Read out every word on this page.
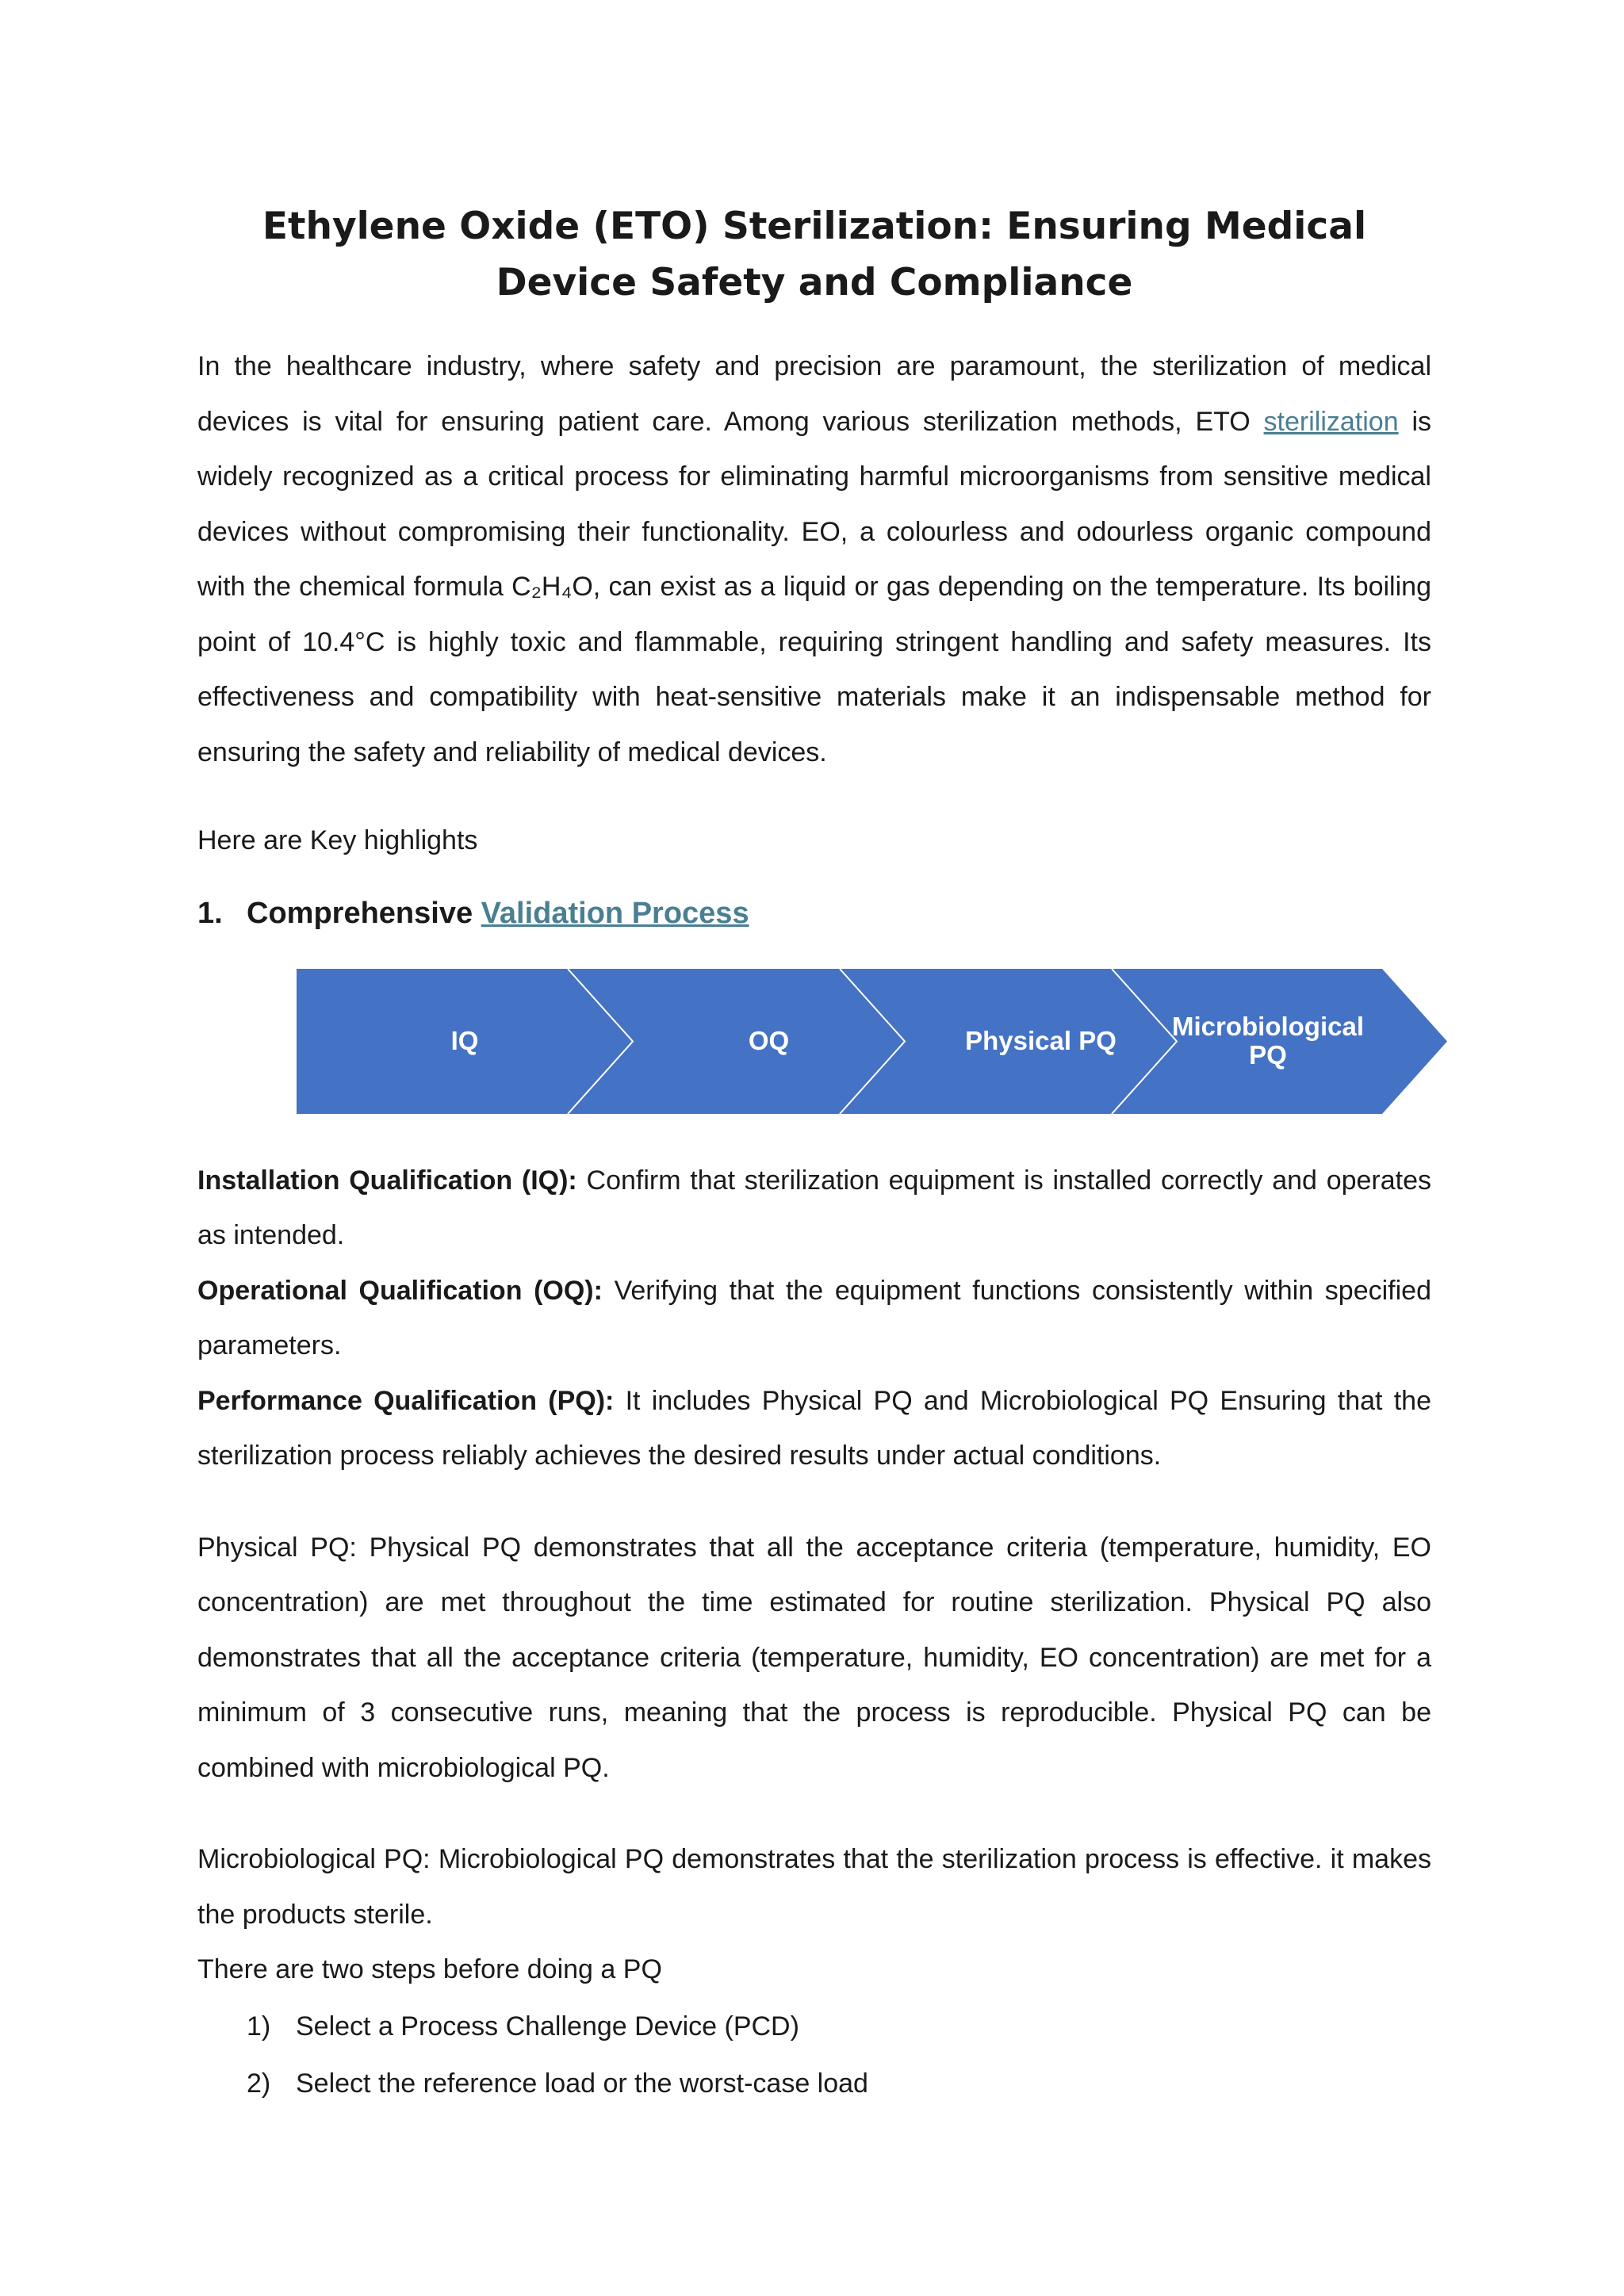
Ethylene Oxide (ETO) Sterilization: Ensuring Medical Device Safety and Compliance

In the healthcare industry, where safety and precision are paramount, the sterilization of medical devices is vital for ensuring patient care. Among various sterilization methods, ETO sterilization is widely recognized as a critical process for eliminating harmful microorganisms from sensitive medical devices without compromising their functionality. EO, a colourless and odourless organic compound with the chemical formula C₂H₄O, can exist as a liquid or gas depending on the temperature. Its boiling point of 10.4°C is highly toxic and flammable, requiring stringent handling and safety measures. Its effectiveness and compatibility with heat-sensitive materials make it an indispensable method for ensuring the safety and reliability of medical devices.

Here are Key highlights
1. Comprehensive Validation Process
IQ	OQ	Physical PQ	Microbiological PQ

Installation Qualification (IQ): Confirm that sterilization equipment is installed correctly and operates as intended.

Operational Qualification (OQ): Verifying that the equipment functions consistently within specified parameters.

Performance Qualification (PQ): It includes Physical PQ and Microbiological PQ Ensuring that the sterilization process reliably achieves the desired results under actual conditions.

Physical PQ: Physical PQ demonstrates that all the acceptance criteria (temperature, humidity, EO concentration) are met throughout the time estimated for routine sterilization. Physical PQ also demonstrates that all the acceptance criteria (temperature, humidity, EO concentration) are met for a minimum of 3 consecutive runs, meaning that the process is reproducible. Physical PQ can be combined with microbiological PQ.

Microbiological PQ: Microbiological PQ demonstrates that the sterilization process is effective. it makes the products sterile.

There are two steps before doing a PQ

1) Select a Process Challenge Device (PCD)
2) Select the reference load or the worst-case load
